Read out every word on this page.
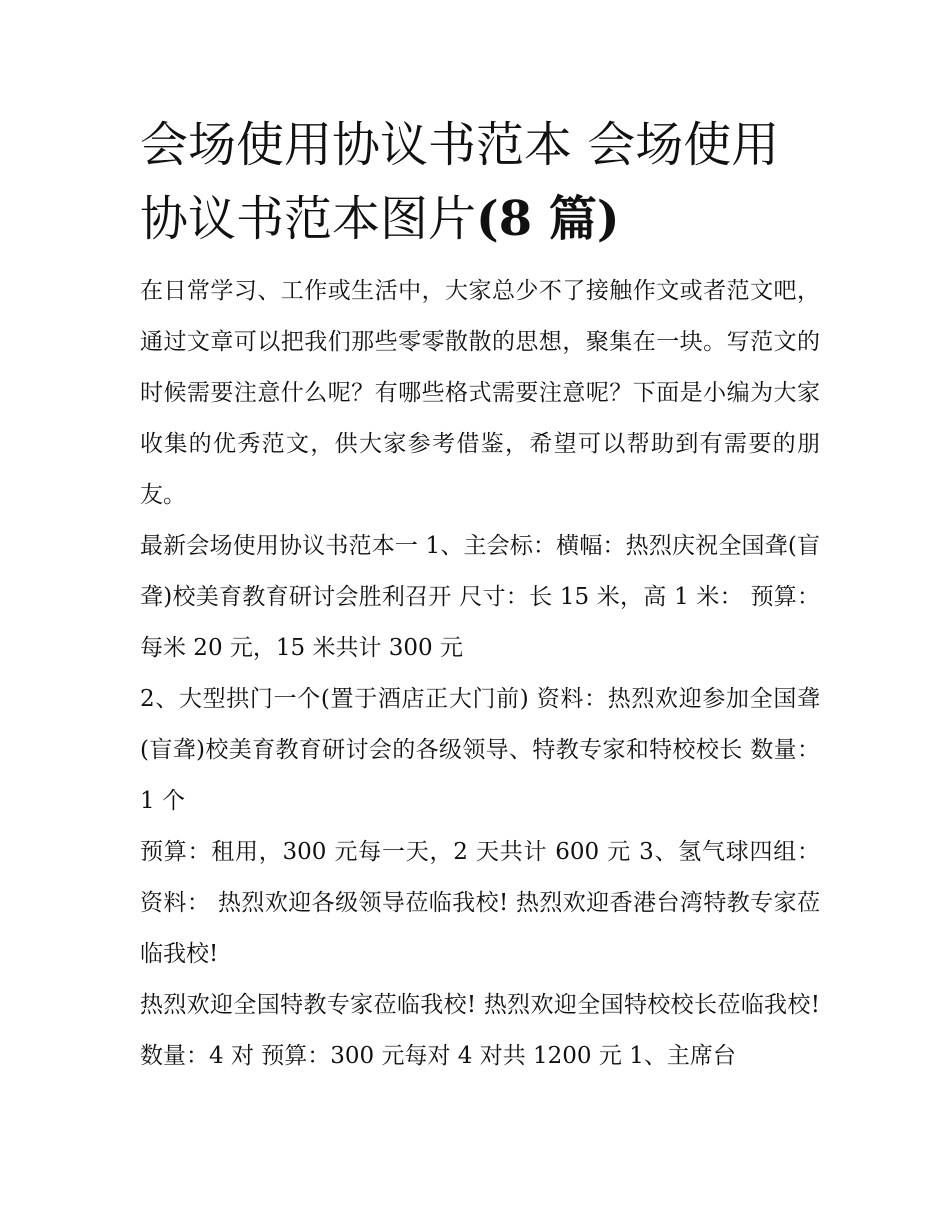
会场使用协议书范本 会场使用协议书范本图片(8 篇)

在日常学习、工作或生活中，大家总少不了接触作文或者范文吧，通过文章可以把我们那些零零散散的思想，聚集在一块。写范文的时候需要注意什么呢？有哪些格式需要注意呢？下面是小编为大家收集的优秀范文，供大家参考借鉴，希望可以帮助到有需要的朋友。

最新会场使用协议书范本一 1、主会标：横幅：热烈庆祝全国聋(盲聋)校美育教育研讨会胜利召开 尺寸：长 15 米，高 1 米： 预算：每米 20 元，15 米共计 300 元

2、大型拱门一个(置于酒店正大门前) 资料：热烈欢迎参加全国聋(盲聋)校美育教育研讨会的各级领导、特教专家和特校校长 数量：1 个

预算：租用，300 元每一天，2 天共计 600 元 3、氢气球四组：资料： 热烈欢迎各级领导莅临我校! 热烈欢迎香港台湾特教专家莅临我校!

热烈欢迎全国特教专家莅临我校! 热烈欢迎全国特校校长莅临我校! 数量：4 对 预算：300 元每对 4 对共 1200 元 1、主席台
